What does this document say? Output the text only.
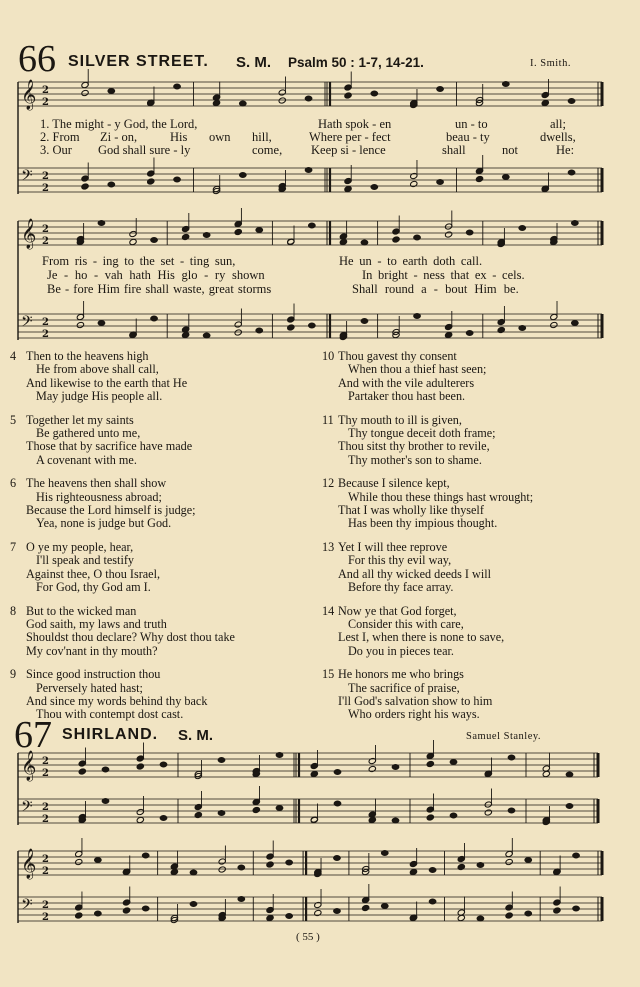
66 SILVER STREET. S. M. Psalm 50 : 1-7, 14-21.	I. Smith.
𝄞 2
2
𝄢 2
2
𝄞 2
2
𝄢 2
2
1. The might - y God, the Lord,	Hath spok - en	un - to	all;
2. From Zi - on,	His own hill,	Where per - fect	beau - ty	dwells,
3. Our God shall sure - ly	come, Keep si - lence	shall	not	He:
From ris - ing to the set - ting sun,	He un - to earth doth call.
Je - ho - vah hath His glo - ry shown	In bright - ness that ex - cels.
Be - fore Him fire shall waste, great storms	Shall round a - bout Him be.
4 Then to the heavens high
He from above shall call,
And likewise to the earth that He
May judge His people all.
5 Together let my saints
Be gathered unto me,
Those that by sacrifice have made
A covenant with me.
6 The heavens then shall show
His righteousness abroad;
Because the Lord himself is judge;
Yea, none is judge but God.
7 O ye my people, hear,
I'll speak and testify
Against thee, O thou Israel,
For God, thy God am I.
8 But to the wicked man
God saith, my laws and truth
Shouldst thou declare? Why dost thou take
My cov'nant in thy mouth?
9 Since good instruction thou
Perversely hated hast;
And since my words behind thy back
Thou with contempt dost cast.
10 Thou gavest thy consent
When thou a thief hast seen;
And with the vile adulterers
Partaker thou hast been.
11 Thy mouth to ill is given,
Thy tongue deceit doth frame;
Thou sitst thy brother to revile,
Thy mother's son to shame.
12 Because I silence kept,
While thou these things hast wrought;
That I was wholly like thyself
Has been thy impious thought.
13 Yet I will thee reprove
For this thy evil way,
And all thy wicked deeds I will
Before thy face array.
14 Now ye that God forget,
Consider this with care,
Lest I, when there is none to save,
Do you in pieces tear.
15 He honors me who brings
The sacrifice of praise,
I'll God's salvation show to him
Who orders right his ways.
67 SHIRLAND. S. M.	Samuel Stanley.
𝄞 2
2
𝄢 2
2
𝄞 2
2
𝄢 2
2
( 55 )
